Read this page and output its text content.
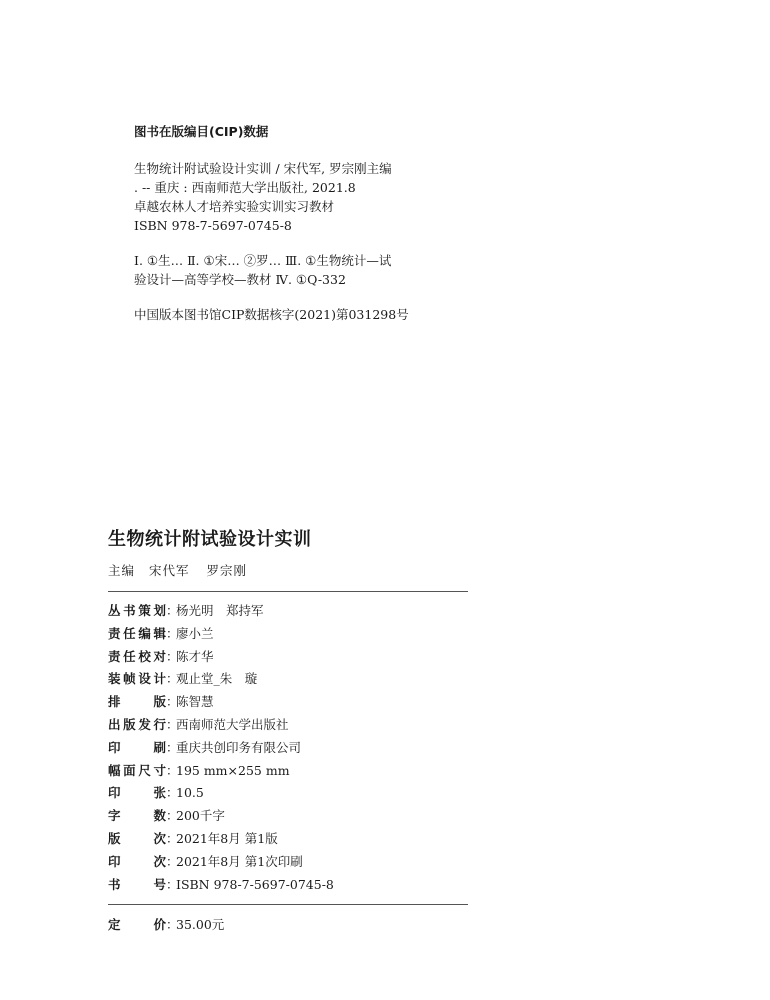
图书在版编目(CIP)数据
生物统计附试验设计实训 / 宋代军, 罗宗刚主编
. -- 重庆 : 西南师范大学出版社, 2021.8
卓越农林人才培养实验实训实习教材
ISBN 978-7-5697-0745-8
Ⅰ. ①生… Ⅱ. ①宋… ②罗… Ⅲ. ①生物统计—试
验设计—高等学校—教材 Ⅳ. ①Q-332
中国版本图书馆CIP数据核字(2021)第031298号
生物统计附试验设计实训
主编 宋代军 罗宗刚
丛 书 策 划 ：
杨光明　郑持军
责 任 编 辑 ：
廖小兰
责 任 校 对 ：
陈才华
装 帧 设 计 ：
观止堂_朱　璇
排	版 ：
陈智慧
出 版 发 行 ：
西南师范大学出版社
印	刷 ：
重庆共创印务有限公司
幅 面 尺 寸 ：
195 mm×255 mm
印	张 ：
10.5
字	数 ：
200千字
版	次 ：
2021年8月 第1版
印	次 ：
2021年8月 第1次印刷
书	号 ：
ISBN 978-7-5697-0745-8
定	价 ：
35.00元
